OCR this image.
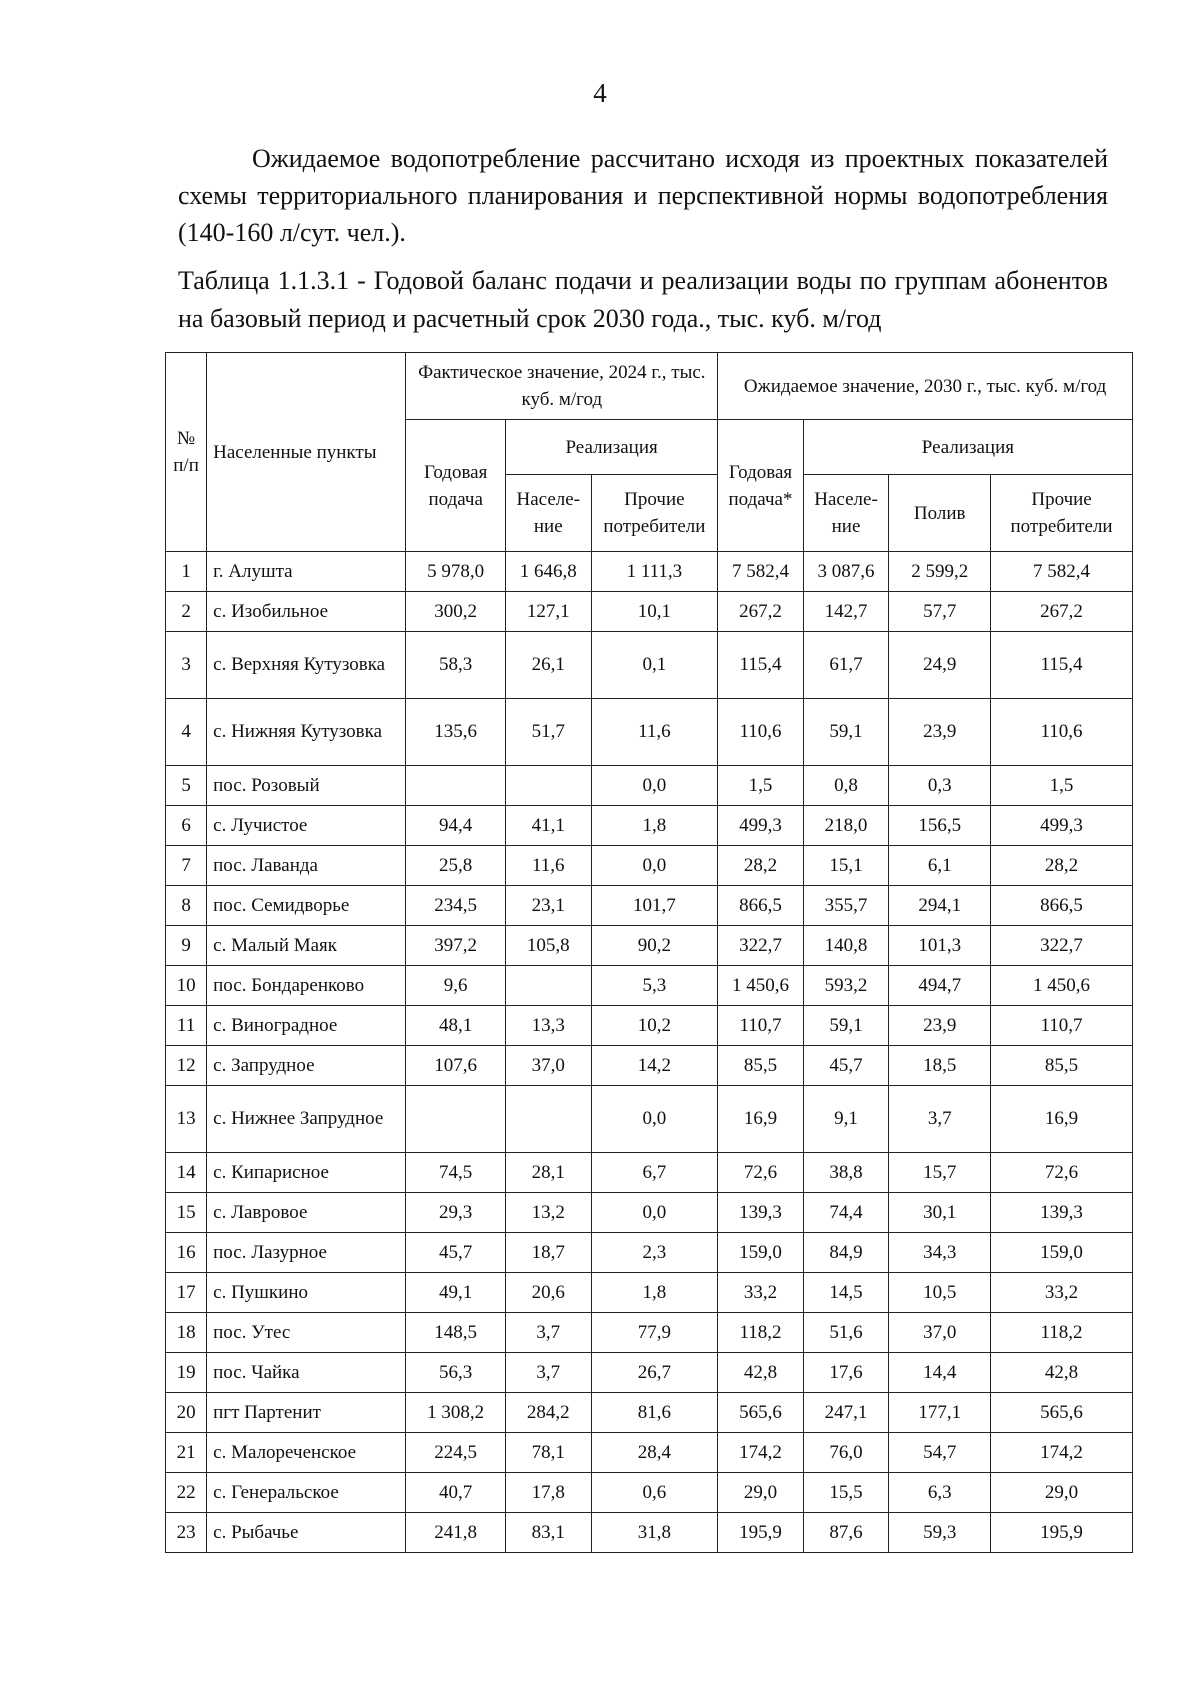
4
Ожидаемое водопотребление рассчитано исходя из проектных показателей схемы территориального планирования и перспективной нормы водопотребления (140-160 л/сут. чел.).
Таблица 1.1.3.1 - Годовой баланс подачи и реализации воды по группам абонентов на базовый период и расчетный срок 2030 года., тыс. куб. м/год
№ п/п	Населенные пункты	Фактическое значение, 2024 г., тыс. куб. м/год			Ожидаемое значение, 2030 г., тыс. куб. м/год			
		Годовая подача	Реализация		Годовая подача*	Реализация		
			Населе-ние	Прочие потребители		Населе-ние	Полив	Прочие потребители
1	г. Алушта	5 978,0	1 646,8	1 111,3	7 582,4	3 087,6	2 599,2	7 582,4
2	с. Изобильное	300,2	127,1	10,1	267,2	142,7	57,7	267,2
3	с. Верхняя Кутузовка	58,3	26,1	0,1	115,4	61,7	24,9	115,4
4	с. Нижняя Кутузовка	135,6	51,7	11,6	110,6	59,1	23,9	110,6
5	пос. Розовый			0,0	1,5	0,8	0,3	1,5
6	с. Лучистое	94,4	41,1	1,8	499,3	218,0	156,5	499,3
7	пос. Лаванда	25,8	11,6	0,0	28,2	15,1	6,1	28,2
8	пос. Семидворье	234,5	23,1	101,7	866,5	355,7	294,1	866,5
9	с. Малый Маяк	397,2	105,8	90,2	322,7	140,8	101,3	322,7
10	пос. Бондаренково	9,6		5,3	1 450,6	593,2	494,7	1 450,6
11	с. Виноградное	48,1	13,3	10,2	110,7	59,1	23,9	110,7
12	с. Запрудное	107,6	37,0	14,2	85,5	45,7	18,5	85,5
13	с. Нижнее Запрудное			0,0	16,9	9,1	3,7	16,9
14	с. Кипарисное	74,5	28,1	6,7	72,6	38,8	15,7	72,6
15	с. Лавровое	29,3	13,2	0,0	139,3	74,4	30,1	139,3
16	пос. Лазурное	45,7	18,7	2,3	159,0	84,9	34,3	159,0
17	с. Пушкино	49,1	20,6	1,8	33,2	14,5	10,5	33,2
18	пос. Утес	148,5	3,7	77,9	118,2	51,6	37,0	118,2
19	пос. Чайка	56,3	3,7	26,7	42,8	17,6	14,4	42,8
20	пгт Партенит	1 308,2	284,2	81,6	565,6	247,1	177,1	565,6
21	с. Малореченское	224,5	78,1	28,4	174,2	76,0	54,7	174,2
22	с. Генеральское	40,7	17,8	0,6	29,0	15,5	6,3	29,0
23	с. Рыбачье	241,8	83,1	31,8	195,9	87,6	59,3	195,9
